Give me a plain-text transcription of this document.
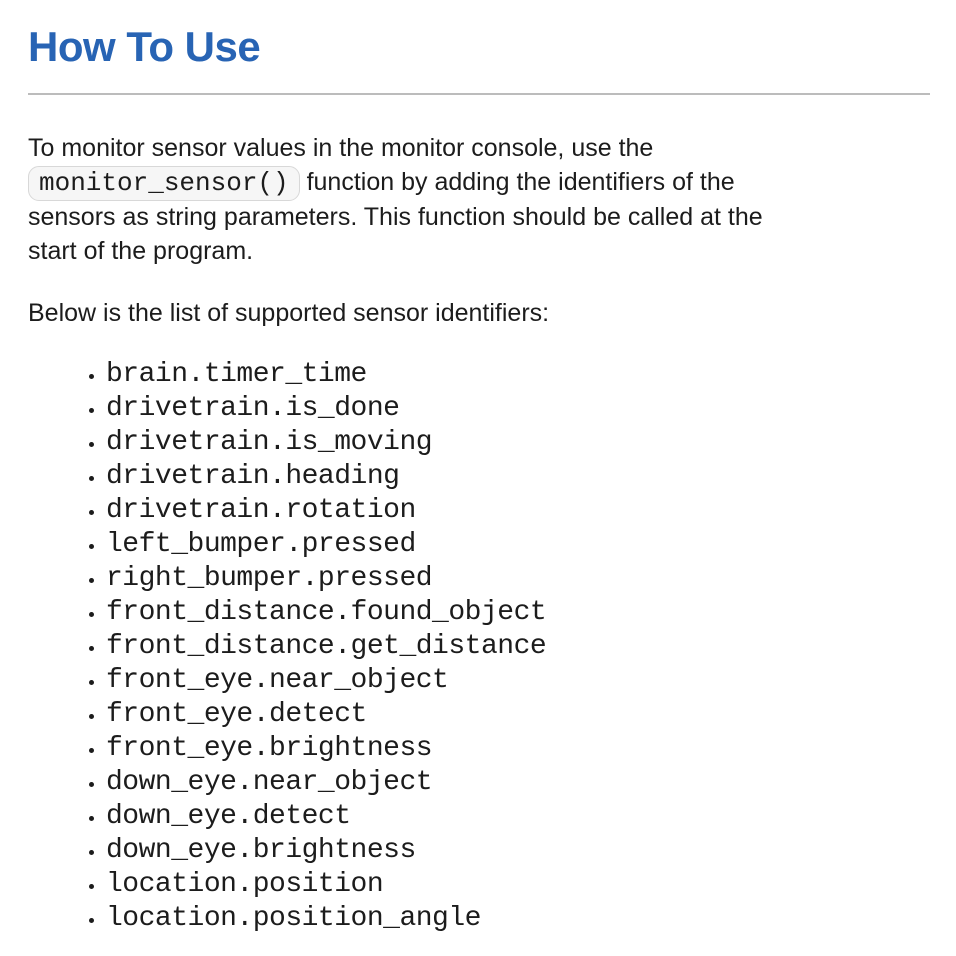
How To Use

To monitor sensor values in the monitor console, use the
monitor_sensor() function by adding the identifiers of the
sensors as string parameters. This function should be called at the
start of the program.

Below is the list of supported sensor identifiers:

• brain.timer_time
• drivetrain.is_done
• drivetrain.is_moving
• drivetrain.heading
• drivetrain.rotation
• left_bumper.pressed
• right_bumper.pressed
• front_distance.found_object
• front_distance.get_distance
• front_eye.near_object
• front_eye.detect
• front_eye.brightness
• down_eye.near_object
• down_eye.detect
• down_eye.brightness
• location.position
• location.position_angle
